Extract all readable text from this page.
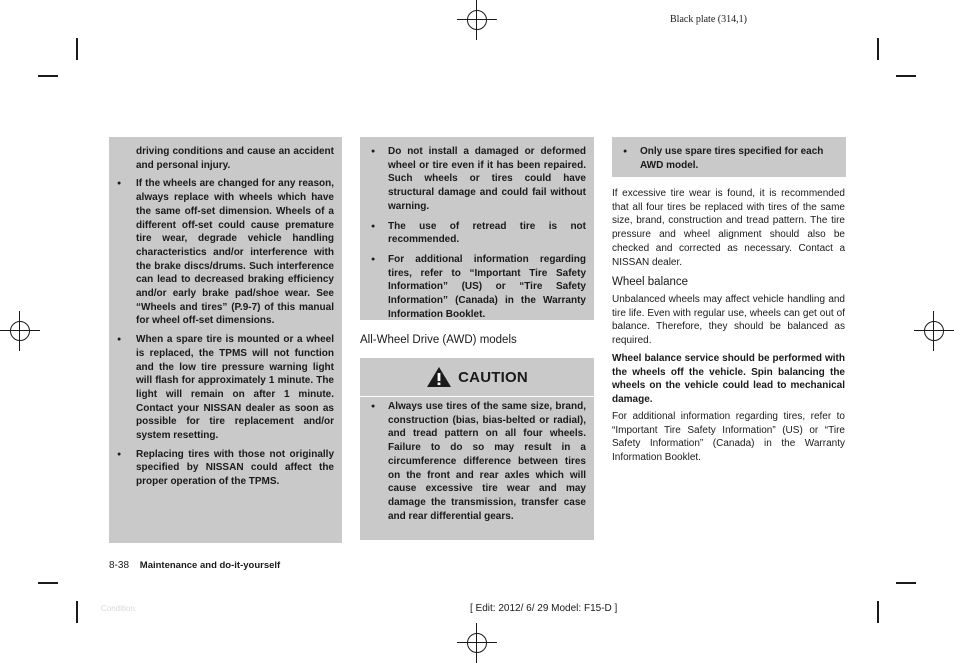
Black plate (314,1)
driving conditions and cause an accident and personal injury.
● If the wheels are changed for any reason, always replace with wheels which have the same off-set dimension. Wheels of a different off-set could cause premature tire wear, degrade vehicle handling characteristics and/or interference with the brake discs/drums. Such interference can lead to decreased braking efficiency and/or early brake pad/shoe wear. See “Wheels and tires” (P.9-7) of this manual for wheel off-set dimensions.
● When a spare tire is mounted or a wheel is replaced, the TPMS will not function and the low tire pressure warning light will flash for approximately 1 minute. The light will remain on after 1 minute. Contact your NISSAN dealer as soon as possible for tire replacement and/or system resetting.
● Replacing tires with those not originally specified by NISSAN could affect the proper operation of the TPMS.
● Do not install a damaged or deformed wheel or tire even if it has been repaired. Such wheels or tires could have structural damage and could fail without warning.
● The use of retread tire is not recommended.
● For additional information regarding tires, refer to “Important Tire Safety Information” (US) or “Tire Safety Information” (Canada) in the Warranty Information Booklet.
All-Wheel Drive (AWD) models
CAUTION
● Always use tires of the same size, brand, construction (bias, bias-belted or radial), and tread pattern on all four wheels. Failure to do so may result in a circumference difference between tires on the front and rear axles which will cause excessive tire wear and may damage the transmission, transfer case and rear differential gears.
● Only use spare tires specified for each AWD model.
If excessive tire wear is found, it is recommended that all four tires be replaced with tires of the same size, brand, construction and tread pattern. The tire pressure and wheel alignment should also be checked and corrected as necessary. Contact a NISSAN dealer.
Wheel balance
Unbalanced wheels may affect vehicle handling and tire life. Even with regular use, wheels can get out of balance. Therefore, they should be balanced as required.
Wheel balance service should be performed with the wheels off the vehicle. Spin balancing the wheels on the vehicle could lead to mechanical damage.
For additional information regarding tires, refer to “Important Tire Safety Information” (US) or “Tire Safety Information” (Canada) in the Warranty Information Booklet.
8-38 Maintenance and do-it-yourself
Condition:	[ Edit: 2012/ 6/ 29 Model: F15-D ]
